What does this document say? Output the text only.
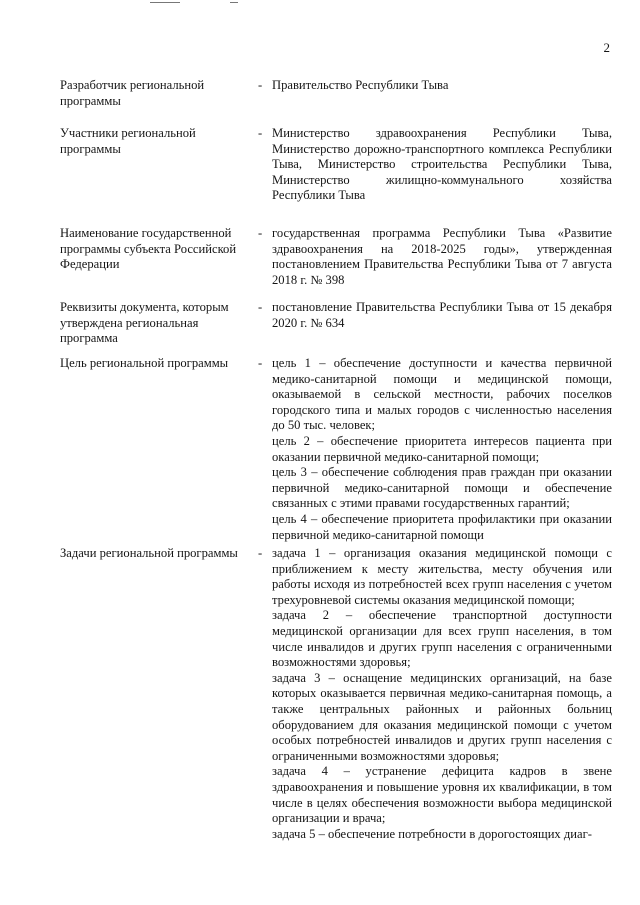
2
Разработчик региональной программы
- Правительство Республики Тыва

Участники региональной программы
- Министерство здравоохранения Республики Тыва, Министерство дорожно-транспортного комплекса Республики Тыва, Министерство строительства Республики Тыва, Министерство жилищно-коммунального хозяйства Республики Тыва

Наименование государственной программы субъекта Российской Федерации
- государственная программа Республики Тыва «Развитие здравоохранения на 2018-2025 годы», утвержденная постановлением Правительства Республики Тыва от 7 августа 2018 г. № 398

Реквизиты документа, которым утверждена региональная программа
- постановление Правительства Республики Тыва от 15 декабря 2020 г. № 634

Цель региональной программы	- цель 1 – обеспечение доступности и качества первичной медико-санитарной помощи и медицинской помощи, оказываемой в сельской местности, рабочих поселков городского типа и малых городов с численностью населения до 50 тыс. человек;

цель 2 – обеспечение приоритета интересов пациента при оказании первичной медико-санитарной помощи;

цель 3 – обеспечение соблюдения прав граждан при оказании первичной медико-санитарной помощи и обеспечение связанных с этими правами государственных гарантий;

цель 4 – обеспечение приоритета профилактики при оказании первичной медико-санитарной помощи

Задачи региональной программы	- задача 1 – организация оказания медицинской помощи с приближением к месту жительства, месту обучения или работы исходя из потребностей всех групп населения с учетом трехуровневой системы оказания медицинской помощи;

задача 2 – обеспечение транспортной доступности медицинской организации для всех групп населения, в том числе инвалидов и других групп населения с ограниченными возможностями здоровья;

задача 3 – оснащение медицинских организаций, на базе которых оказывается первичная медико-санитарная помощь, а также центральных районных и районных больниц оборудованием для оказания медицинской помощи с учетом особых потребностей инвалидов и других групп населения с ограниченными возможностями здоровья;

задача 4 – устранение дефицита кадров в звене здравоохранения и повышение уровня их квалификации, в том числе в целях обеспечения возможности выбора медицинской организации и врача;

задача 5 – обеспечение потребности в дорогостоящих диаг-
